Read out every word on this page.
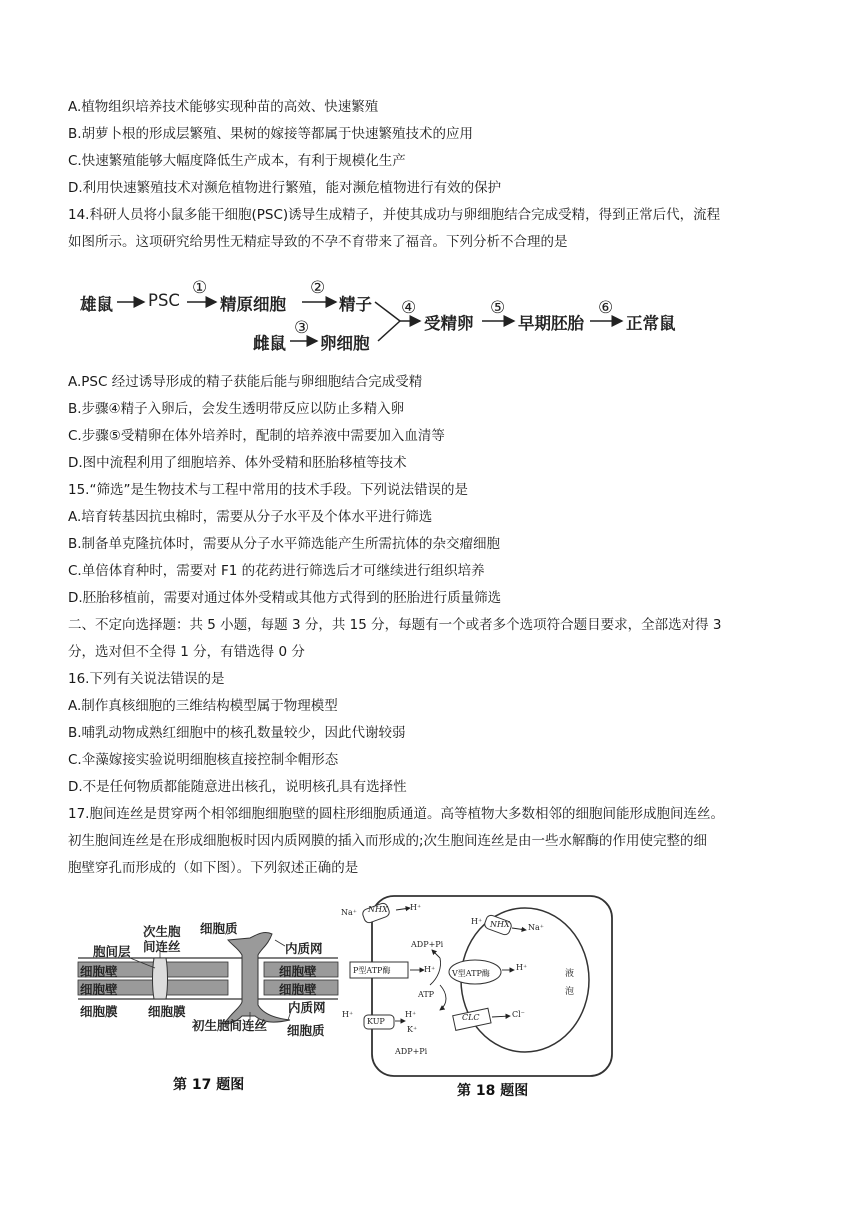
A.植物组织培养技术能够实现种苗的高效、快速繁殖
B.胡萝卜根的形成层繁殖、果树的嫁接等都属于快速繁殖技术的应用
C.快速繁殖能够大幅度降低生产成本，有利于规模化生产
D.利用快速繁殖技术对濒危植物进行繁殖，能对濒危植物进行有效的保护
14.科研人员将小鼠多能干细胞(PSC)诱导生成精子，并使其成功与卵细胞结合完成受精，得到正常后代，流程
如图所示。这项研究给男性无精症导致的不孕不育带来了福音。下列分析不合理的是
雄鼠 PSC
①
精原细胞
②
精子
雌鼠
③
卵细胞
④
受精卵
⑤
早期胚胎
⑥
正常鼠
A.PSC 经过诱导形成的精子获能后能与卵细胞结合完成受精
B.步骤④精子入卵后，会发生透明带反应以防止多精入卵
C.步骤⑤受精卵在体外培养时，配制的培养液中需要加入血清等
D.图中流程利用了细胞培养、体外受精和胚胎移植等技术
15.“筛选”是生物技术与工程中常用的技术手段。下列说法错误的是
A.培育转基因抗虫棉时，需要从分子水平及个体水平进行筛选
B.制备单克隆抗体时，需要从分子水平筛选能产生所需抗体的杂交瘤细胞
C.单倍体育种时，需要对 F1 的花药进行筛选后才可继续进行组织培养
D.胚胎移植前，需要对通过体外受精或其他方式得到的胚胎进行质量筛选
二、不定向选择题：共 5 小题，每题 3 分，共 15 分，每题有一个或者多个选项符合题目要求，全部选对得 3
分，选对但不全得 1 分，有错选得 0 分
16.下列有关说法错误的是
A.制作真核细胞的三维结构模型属于物理模型
B.哺乳动物成熟红细胞中的核孔数量较少，因此代谢较弱
C.伞藻嫁接实验说明细胞核直接控制伞帽形态
D.不是任何物质都能随意进出核孔，说明核孔具有选择性
17.胞间连丝是贯穿两个相邻细胞细胞壁的圆柱形细胞质通道。高等植物大多数相邻的细胞间能形成胞间连丝。
初生胞间连丝是在形成细胞板时因内质网膜的插入而形成的;次生胞间连丝是由一些水解酶的作用使完整的细
胞壁穿孔而形成的（如下图）。下列叙述正确的是
次生胞
间连丝
胞间层
细胞质
内质网
细胞壁
细胞壁
细胞壁
细胞壁
细胞膜 细胞膜	内质网
初生胞间连丝 细胞质
第 17 题图
Na⁺ NHX	H⁺
H⁺ NHX Na⁺
ADP+Pi
P型ATP酶	H⁺ V型ATP酶
H⁺
ATP
液
泡
H⁺
KUP
H⁺
K⁺
CLC	Cl⁻
ADP+Pi
第 18 题图
